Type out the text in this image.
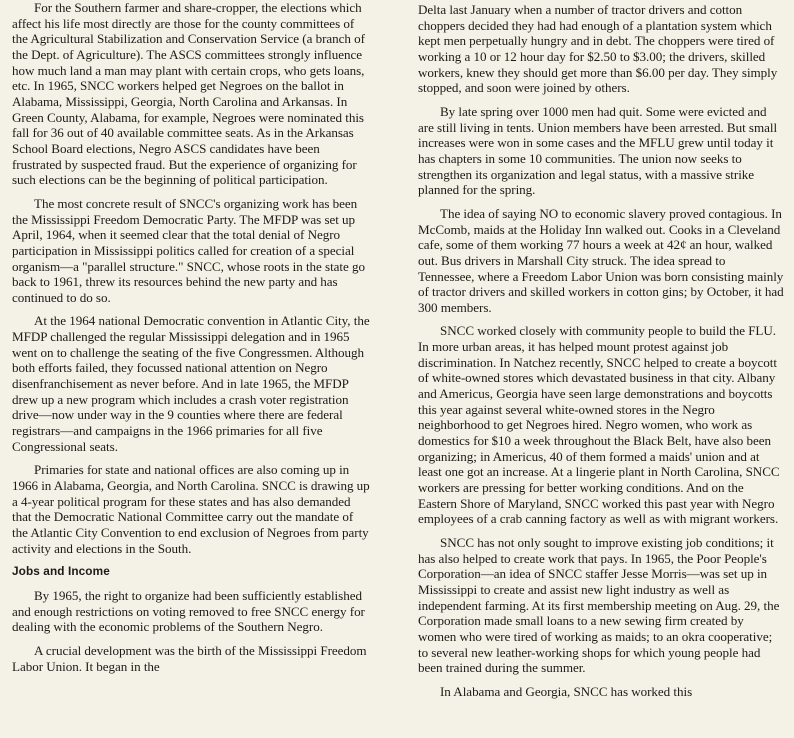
For the Southern farmer and share-cropper, the elections which affect his life most directly are those for the county committees of the Agricultural Stabilization and Conservation Service (a branch of the Dept. of Agriculture). The ASCS committees strongly influence how much land a man may plant with certain crops, who gets loans, etc. In 1965, SNCC workers helped get Negroes on the ballot in Alabama, Mississippi, Georgia, North Carolina and Arkansas. In Green County, Alabama, for example, Negroes were nominated this fall for 36 out of 40 available committee seats. As in the Arkansas School Board elections, Negro ASCS candidates have been frustrated by suspected fraud. But the experience of organizing for such elections can be the beginning of political participation.

The most concrete result of SNCC's organizing work has been the Mississippi Freedom Democratic Party. The MFDP was set up April, 1964, when it seemed clear that the total denial of Negro participation in Mississippi politics called for creation of a special organism—a "parallel structure." SNCC, whose roots in the state go back to 1961, threw its resources behind the new party and has continued to do so.

At the 1964 national Democratic convention in Atlantic City, the MFDP challenged the regular Mississippi delegation and in 1965 went on to challenge the seating of the five Congressmen. Although both efforts failed, they focussed national attention on Negro disenfranchisement as never before. And in late 1965, the MFDP drew up a new program which includes a crash voter registration drive—now under way in the 9 counties where there are federal registrars—and campaigns in the 1966 primaries for all five Congressional seats.

Primaries for state and national offices are also coming up in 1966 in Alabama, Georgia, and North Carolina. SNCC is drawing up a 4-year political program for these states and has also demanded that the Democratic National Committee carry out the mandate of the Atlantic City Convention to end exclusion of Negroes from party activity and elections in the South.

Jobs and Income

By 1965, the right to organize had been sufficiently established and enough restrictions on voting removed to free SNCC energy for dealing with the economic problems of the Southern Negro.

A crucial development was the birth of the Mississippi Freedom Labor Union. It began in the

Delta last January when a number of tractor drivers and cotton choppers decided they had had enough of a plantation system which kept men perpetually hungry and in debt. The choppers were tired of working a 10 or 12 hour day for $2.50 to $3.00; the drivers, skilled workers, knew they should get more than $6.00 per day. They simply stopped, and soon were joined by others.

By late spring over 1000 men had quit. Some were evicted and are still living in tents. Union members have been arrested. But small increases were won in some cases and the MFLU grew until today it has chapters in some 10 communities. The union now seeks to strengthen its organization and legal status, with a massive strike planned for the spring.

The idea of saying NO to economic slavery proved contagious. In McComb, maids at the Holiday Inn walked out. Cooks in a Cleveland cafe, some of them working 77 hours a week at 42¢ an hour, walked out. Bus drivers in Marshall City struck. The idea spread to Tennessee, where a Freedom Labor Union was born consisting mainly of tractor drivers and skilled workers in cotton gins; by October, it had 300 members.

SNCC worked closely with community people to build the FLU. In more urban areas, it has helped mount protest against job discrimination. In Natchez recently, SNCC helped to create a boycott of white-owned stores which devastated business in that city. Albany and Americus, Georgia have seen large demonstrations and boycotts this year against several white-owned stores in the Negro neighborhood to get Negroes hired. Negro women, who work as domestics for $10 a week throughout the Black Belt, have also been organizing; in Americus, 40 of them formed a maids' union and at least one got an increase. At a lingerie plant in North Carolina, SNCC workers are pressing for better working conditions. And on the Eastern Shore of Maryland, SNCC worked this past year with Negro employees of a crab canning factory as well as with migrant workers.

SNCC has not only sought to improve existing job conditions; it has also helped to create work that pays. In 1965, the Poor People's Corporation—an idea of SNCC staffer Jesse Morris—was set up in Mississippi to create and assist new light industry as well as independent farming. At its first membership meeting on Aug. 29, the Corporation made small loans to a new sewing firm created by women who were tired of working as maids; to an okra cooperative; to several new leather-working shops for which young people had been trained during the summer.

In Alabama and Georgia, SNCC has worked this
